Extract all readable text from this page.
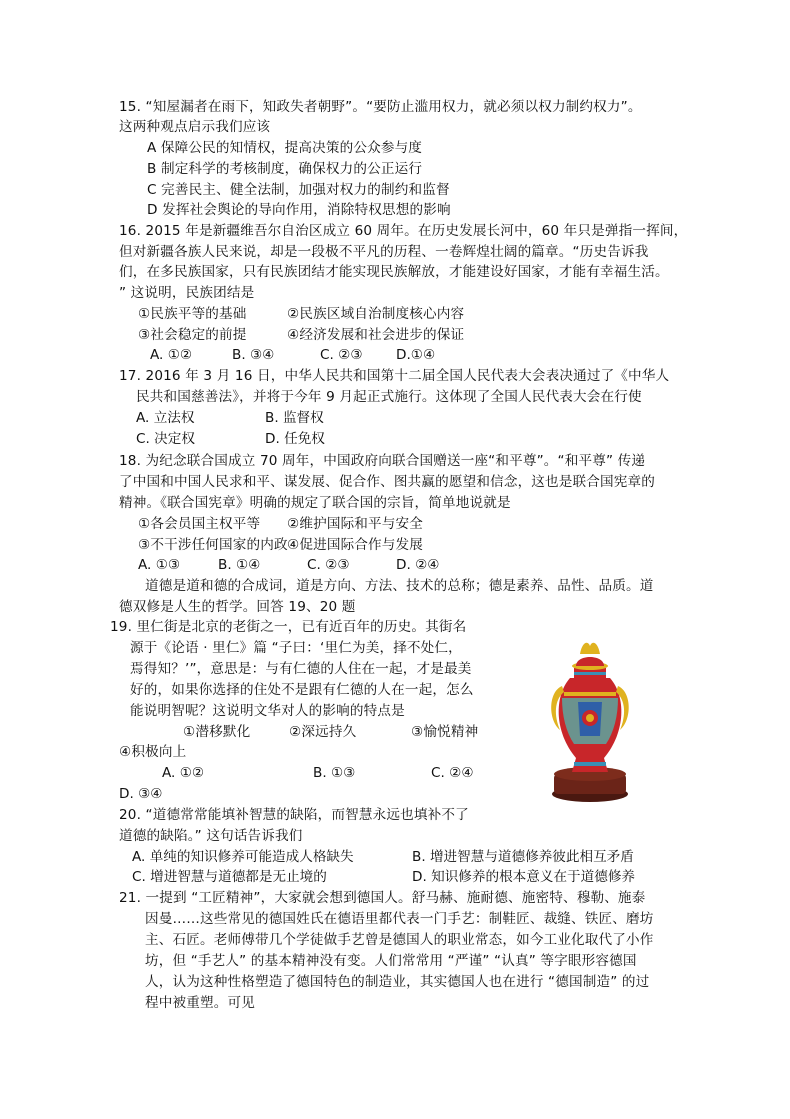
15. “知屋漏者在雨下，知政失者朝野”。“要防止滥用权力，就必须以权力制约权力”。
这两种观点启示我们应该
A 保障公民的知情权，提高决策的公众参与度
B 制定科学的考核制度，确保权力的公正运行
C 完善民主、健全法制，加强对权力的制约和监督
D 发挥社会舆论的导向作用，消除特权思想的影响
16. 2015 年是新疆维吾尔自治区成立 60 周年。在历史发展长河中，60 年只是弹指一挥间，
但对新疆各族人民来说，却是一段极不平凡的历程、一卷辉煌壮阔的篇章。“历史告诉我
们，在多民族国家，只有民族团结才能实现民族解放，才能建设好国家，才能有幸福生活。
” 这说明，民族团结是
①民族平等的基础	②民族区域自治制度核心内容
③社会稳定的前提	④经济发展和社会进步的保证
A. ①②	B. ③④	C. ②③ D.①④
17. 2016 年 3 月 16 日，中华人民共和国第十二届全国人民代表大会表决通过了《中华人
民共和国慈善法》，并将于今年 9 月起正式施行。这体现了全国人民代表大会在行使
A. 立法权	B. 监督权
C. 决定权	D. 任免权
18. 为纪念联合国成立 70 周年，中国政府向联合国赠送一座“和平尊”。“和平尊” 传递
了中国和中国人民求和平、谋发展、促合作、图共赢的愿望和信念，这也是联合国宪章的
精神。《联合国宪章》明确的规定了联合国的宗旨，简单地说就是
①各会员国主权平等 ②维护国际和平与安全
③不干涉任何国家的内政 ④促进国际合作与发展
A. ①③	B. ①④	C. ②③	D. ②④
道德是道和德的合成词，道是方向、方法、技术的总称；德是素养、品性、品质。道
德双修是人生的哲学。回答 19、20 题
19. 里仁街是北京的老街之一，已有近百年的历史。其街名
源于《论语 · 里仁》篇 “子曰：‘里仁为美，择不处仁，
焉得知？’”，意思是：与有仁德的人住在一起，才是最美
好的，如果你选择的住处不是跟有仁德的人在一起，怎么
能说明智呢？这说明文华对人的影响的特点是
①潜移默化	②深远持久	③愉悦精神
④积极向上
A. ①②	B. ①③	C. ②④
D. ③④
20. “道德常常能填补智慧的缺陷，而智慧永远也填补不了
道德的缺陷。” 这句话告诉我们
A. 单纯的知识修养可能造成人格缺失	B. 增进智慧与道德修养彼此相互矛盾
C. 增进智慧与道德都是无止境的	D. 知识修养的根本意义在于道德修养
21. 一提到 “工匠精神”，大家就会想到德国人。舒马赫、施耐德、施密特、穆勒、施泰
因曼……这些常见的德国姓氏在德语里都代表一门手艺：制鞋匠、裁缝、铁匠、磨坊
主、石匠。老师傅带几个学徒做手艺曾是德国人的职业常态，如今工业化取代了小作
坊，但 “手艺人” 的基本精神没有变。人们常常用 “严谨” “认真” 等字眼形容德国
人，认为这种性格塑造了德国特色的制造业，其实德国人也在进行 “德国制造” 的过
程中被重塑。可见
